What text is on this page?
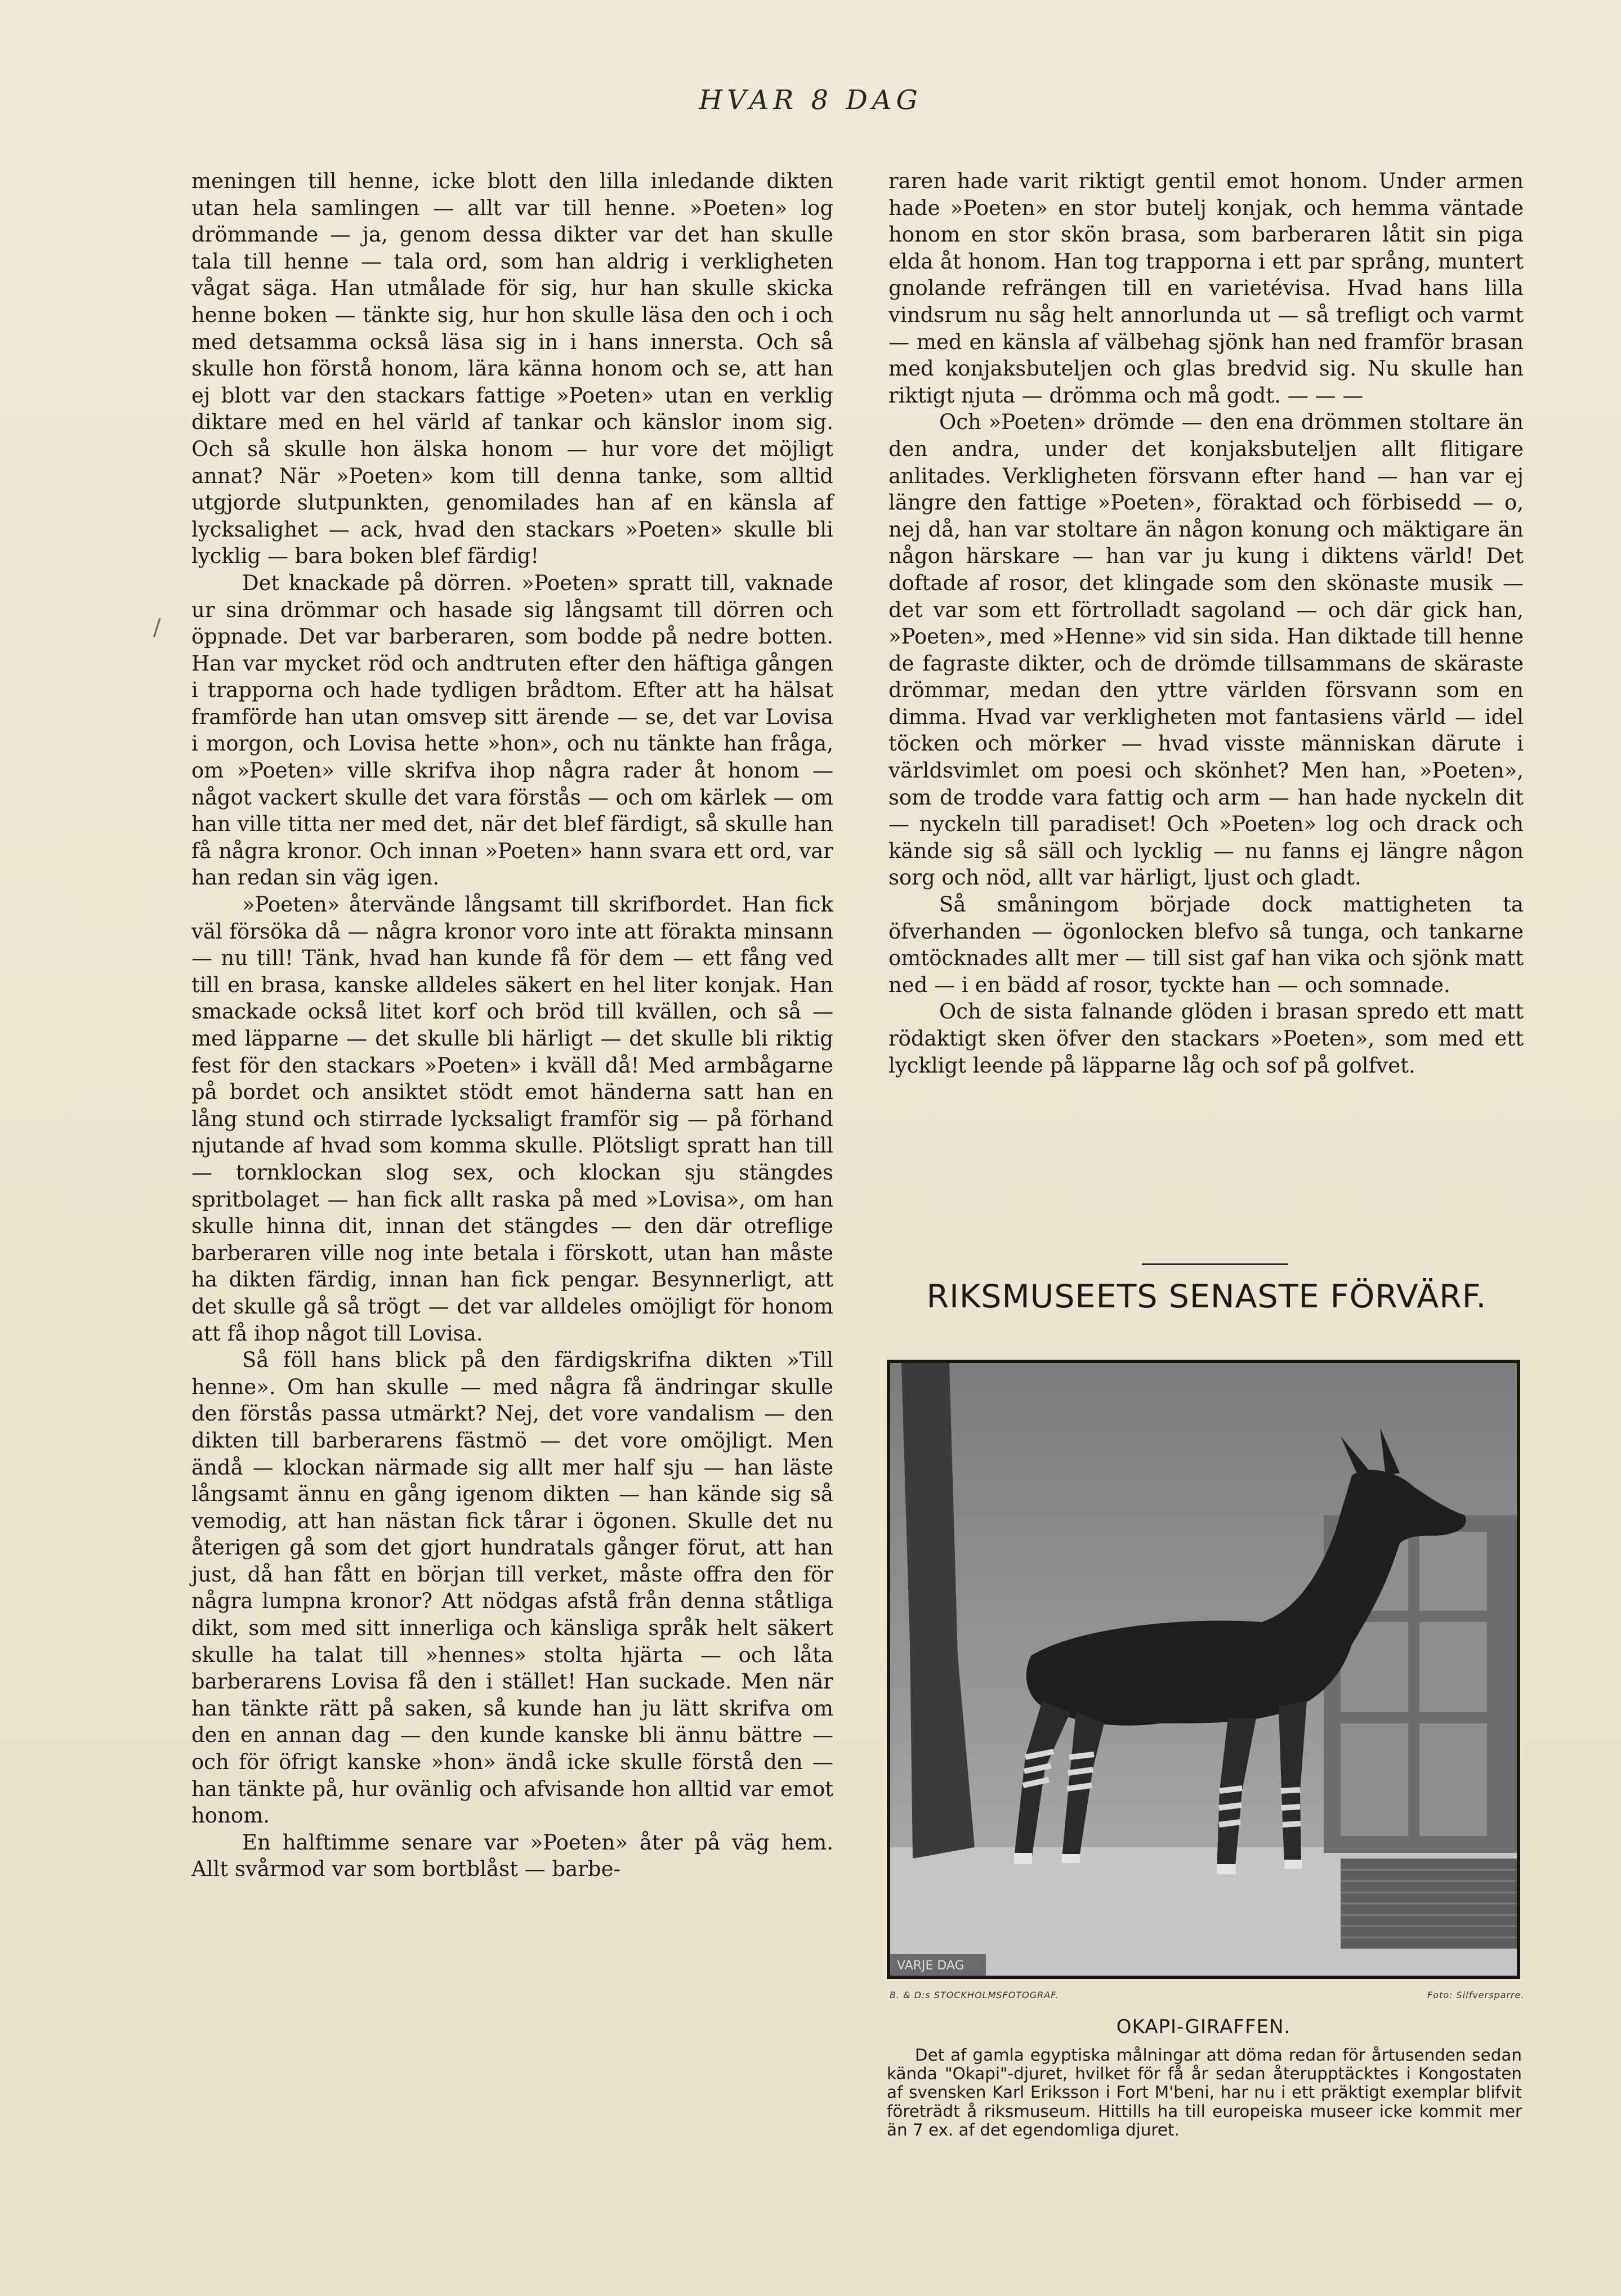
HVAR 8 DAG

meningen till henne, icke blott den lilla inledande dikten utan hela samlingen — allt var till henne. »Poeten» log drömmande — ja, genom dessa dikter var det han skulle tala till henne — tala ord, som han aldrig i verkligheten vågat säga. Han utmålade för sig, hur han skulle skicka henne boken — tänkte sig, hur hon skulle läsa den och i och med detsamma också läsa sig in i hans innersta. Och så skulle hon förstå honom, lära känna honom och se, att han ej blott var den stackars fattige »Poeten» utan en verklig diktare med en hel värld af tankar och känslor inom sig. Och så skulle hon älska honom — hur vore det möjligt annat? När »Poeten» kom till denna tanke, som alltid utgjorde slutpunkten, genomilades han af en känsla af lycksalighet — ack, hvad den stackars »Poeten» skulle bli lycklig — bara boken blef färdig!

Det knackade på dörren. »Poeten» spratt till, vaknade ur sina drömmar och hasade sig långsamt till dörren och öppnade. Det var barberaren, som bodde på nedre botten. Han var mycket röd och andtruten efter den häftiga gången i trapporna och hade tydligen brådtom. Efter att ha hälsat framförde han utan omsvep sitt ärende — se, det var Lovisa i morgon, och Lovisa hette »hon», och nu tänkte han fråga, om »Poeten» ville skrifva ihop några rader åt honom — något vackert skulle det vara förstås — och om kärlek — om han ville titta ner med det, när det blef färdigt, så skulle han få några kronor. Och innan »Poeten» hann svara ett ord, var han redan sin väg igen.

»Poeten» återvände långsamt till skrifbordet. Han fick väl försöka då — några kronor voro inte att förakta minsann — nu till! Tänk, hvad han kunde få för dem — ett fång ved till en brasa, kanske alldeles säkert en hel liter konjak. Han smackade också litet korf och bröd till kvällen, och så — med läpparne — det skulle bli härligt — det skulle bli riktig fest för den stackars »Poeten» i kväll då! Med armbågarne på bordet och ansiktet stödt emot händerna satt han en lång stund och stirrade lycksaligt framför sig — på förhand njutande af hvad som komma skulle. Plötsligt spratt han till — tornklockan slog sex, och klockan sju stängdes spritbolaget — han fick allt raska på med »Lovisa», om han skulle hinna dit, innan det stängdes — den där otreflige barberaren ville nog inte betala i förskott, utan han måste ha dikten färdig, innan han fick pengar. Besynnerligt, att det skulle gå så trögt — det var alldeles omöjligt för honom att få ihop något till Lovisa.

Så föll hans blick på den färdigskrifna dikten »Till henne». Om han skulle — med några få ändringar skulle den förstås passa utmärkt? Nej, det vore vandalism — den dikten till barberarens fästmö — det vore omöjligt. Men ändå — klockan närmade sig allt mer half sju — han läste långsamt ännu en gång igenom dikten — han kände sig så vemodig, att han nästan fick tårar i ögonen. Skulle det nu återigen gå som det gjort hundratals gånger förut, att han just, då han fått en början till verket, måste offra den för några lumpna kronor? Att nödgas afstå från denna ståtliga dikt, som med sitt innerliga och känsliga språk helt säkert skulle ha talat till »hennes» stolta hjärta — och låta barberarens Lovisa få den i stället! Han suckade. Men när han tänkte rätt på saken, så kunde han ju lätt skrifva om den en annan dag — den kunde kanske bli ännu bättre — och för öfrigt kanske »hon» ändå icke skulle förstå den — han tänkte på, hur ovänlig och afvisande hon alltid var emot honom.

En halftimme senare var »Poeten» åter på väg hem. Allt svårmod var som bortblåst — barbe-

raren hade varit riktigt gentil emot honom. Under armen hade »Poeten» en stor butelj konjak, och hemma väntade honom en stor skön brasa, som barberaren låtit sin piga elda åt honom. Han tog trapporna i ett par språng, muntert gnolande refrängen till en varietévisa. Hvad hans lilla vindsrum nu såg helt annorlunda ut — så trefligt och varmt — med en känsla af välbehag sjönk han ned framför brasan med konjaksbuteljen och glas bredvid sig. Nu skulle han riktigt njuta — drömma och må godt. — — —

Och »Poeten» drömde — den ena drömmen stoltare än den andra, under det konjaksbuteljen allt flitigare anlitades. Verkligheten försvann efter hand — han var ej längre den fattige »Poeten», föraktad och förbisedd — o, nej då, han var stoltare än någon konung och mäktigare än någon härskare — han var ju kung i diktens värld! Det doftade af rosor, det klingade som den skönaste musik — det var som ett förtrolladt sagoland — och där gick han, »Poeten», med »Henne» vid sin sida. Han diktade till henne de fagraste dikter, och de drömde tillsammans de skäraste drömmar, medan den yttre världen försvann som en dimma. Hvad var verkligheten mot fantasiens värld — idel töcken och mörker — hvad visste människan därute i världsvimlet om poesi och skönhet? Men han, »Poeten», som de trodde vara fattig och arm — han hade nyckeln dit — nyckeln till paradiset! Och »Poeten» log och drack och kände sig så säll och lycklig — nu fanns ej längre någon sorg och nöd, allt var härligt, ljust och gladt.

Så småningom började dock mattigheten ta öfverhanden — ögonlocken blefvo så tunga, och tankarne omtöcknades allt mer — till sist gaf han vika och sjönk matt ned — i en bädd af rosor, tyckte han — och somnade.

Och de sista falnande glöden i brasan spredo ett matt rödaktigt sken öfver den stackars »Poeten», som med ett lyckligt leende på läpparne låg och sof på golfvet.

RIKSMUSEETS SENASTE FÖRVÄRF.
VARJE DAG
B. & D:s STOCKHOLMSFOTOGRAF.	Foto: Silfversparre.
OKAPI-GIRAFFEN.

Det af gamla egyptiska målningar att döma redan för årtusenden sedan kända "Okapi"-djuret, hvilket för få år sedan återupptäcktes i Kongostaten af svensken Karl Eriksson i Fort M'beni, har nu i ett präktigt exemplar blifvit företrädt å riksmuseum. Hittills ha till europeiska museer icke kommit mer än 7 ex. af det egendomliga djuret.

/
